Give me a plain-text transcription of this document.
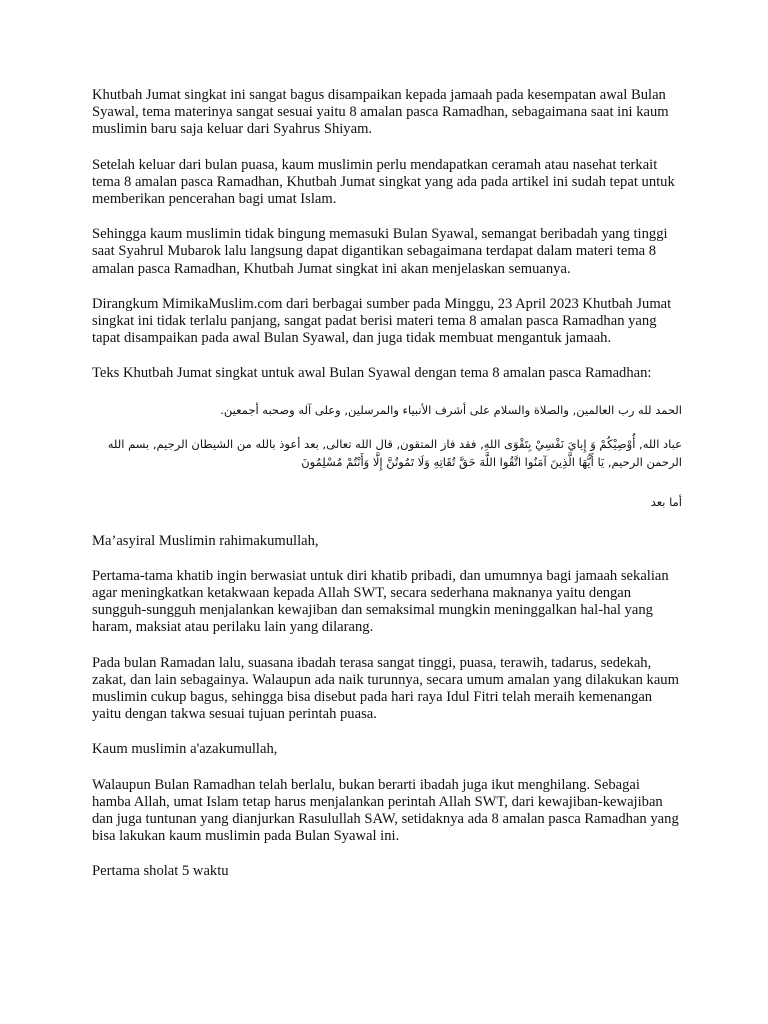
Khutbah Jumat singkat ini sangat bagus disampaikan kepada jamaah pada kesempatan awal Bulan Syawal, tema materinya sangat sesuai yaitu 8 amalan pasca Ramadhan, sebagaimana saat ini kaum muslimin baru saja keluar dari Syahrus Shiyam.

Setelah keluar dari bulan puasa, kaum muslimin perlu mendapatkan ceramah atau nasehat terkait tema 8 amalan pasca Ramadhan, Khutbah Jumat singkat yang ada pada artikel ini sudah tepat untuk memberikan pencerahan bagi umat Islam.

Sehingga kaum muslimin tidak bingung memasuki Bulan Syawal, semangat beribadah yang tinggi saat Syahrul Mubarok lalu langsung dapat digantikan sebagaimana terdapat dalam materi tema 8 amalan pasca Ramadhan, Khutbah Jumat singkat ini akan menjelaskan semuanya.

Dirangkum MimikaMuslim.com dari berbagai sumber pada Minggu, 23 April 2023 Khutbah Jumat singkat ini tidak terlalu panjang, sangat padat berisi materi tema 8 amalan pasca Ramadhan yang tapat disampaikan pada awal Bulan Syawal, dan juga tidak membuat mengantuk jamaah.

Teks Khutbah Jumat singkat untuk awal Bulan Syawal dengan tema 8 amalan pasca Ramadhan:

الحمد لله رب العالمين, والصلاة والسلام على أشرف الأنبياء والمرسلين, وعلى آله وصحبه أجمعين.

عباد الله, أُوْصِيْكُمْ وَ إِيايَ نَفْسِيْ بِتَقْوَى اللهِ, فقد فاز المتقون, قال الله تعالى, بعد أعوذ بالله من الشيطان الرجيم, بسم الله الرحمن الرحيم, يَا أَيُّهَا الَّذِينَ آمَنُوا اتَّقُوا اللَّهَ حَقَّ تُقَاتِهِ وَلَا تَمُوتُنَّ إِلَّا وَأَنْتُمْ مُسْلِمُونَ

أما بعد

Ma’asyiral Muslimin rahimakumullah,

Pertama-tama khatib ingin berwasiat untuk diri khatib pribadi, dan umumnya bagi jamaah sekalian agar meningkatkan ketakwaan kepada Allah SWT, secara sederhana maknanya yaitu dengan sungguh-sungguh menjalankan kewajiban dan semaksimal mungkin meninggalkan hal-hal yang haram, maksiat atau perilaku lain yang dilarang.

Pada bulan Ramadan lalu, suasana ibadah terasa sangat tinggi, puasa, terawih, tadarus, sedekah, zakat, dan lain sebagainya. Walaupun ada naik turunnya, secara umum amalan yang dilakukan kaum muslimin cukup bagus, sehingga bisa disebut pada hari raya Idul Fitri telah meraih kemenangan yaitu dengan takwa sesuai tujuan perintah puasa.

Kaum muslimin a'azakumullah,

Walaupun Bulan Ramadhan telah berlalu, bukan berarti ibadah juga ikut menghilang. Sebagai hamba Allah, umat Islam tetap harus menjalankan perintah Allah SWT, dari kewajiban-kewajiban dan juga tuntunan yang dianjurkan Rasulullah SAW, setidaknya ada 8 amalan pasca Ramadhan yang bisa lakukan kaum muslimin pada Bulan Syawal ini.

Pertama sholat 5 waktu
